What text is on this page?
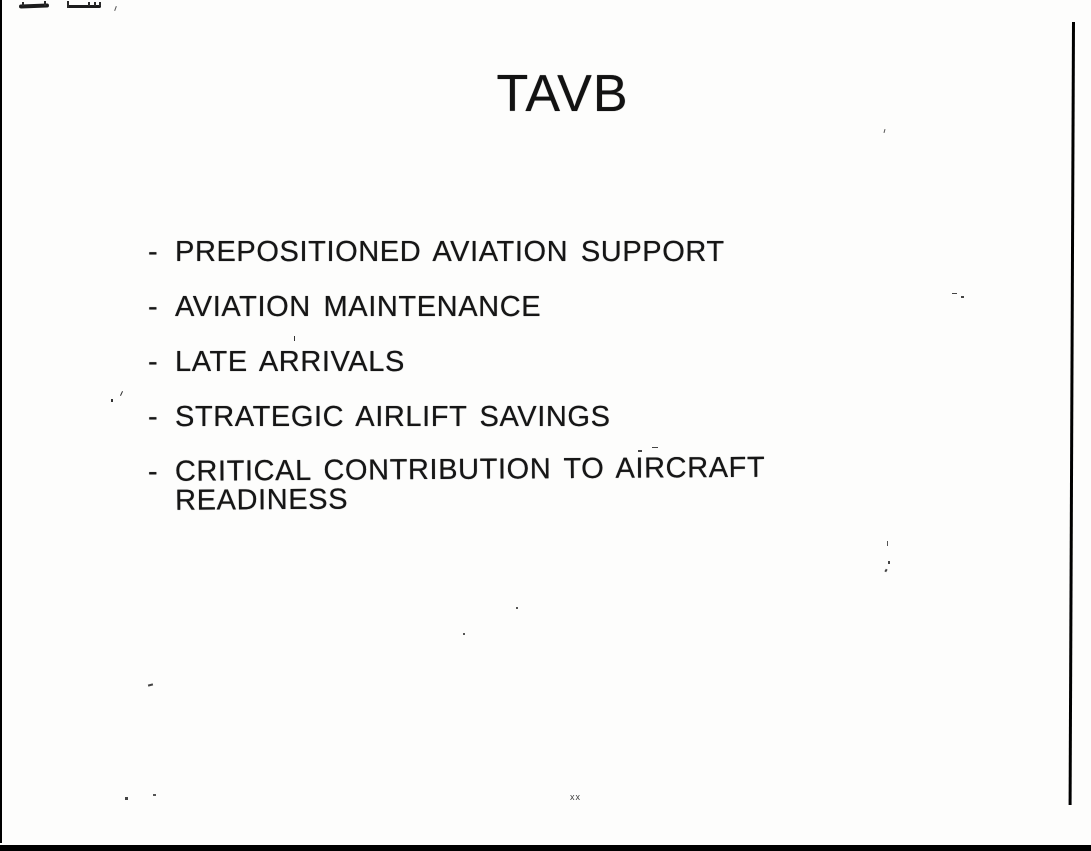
xx
TAVB
- PREPOSITIONED AVIATION SUPPORT
- AVIATION MAINTENANCE
- LATE ARRIVALS
- STRATEGIC AIRLIFT SAVINGS
- CRITICAL CONTRIBUTION TO AIRCRAFT READINESS
